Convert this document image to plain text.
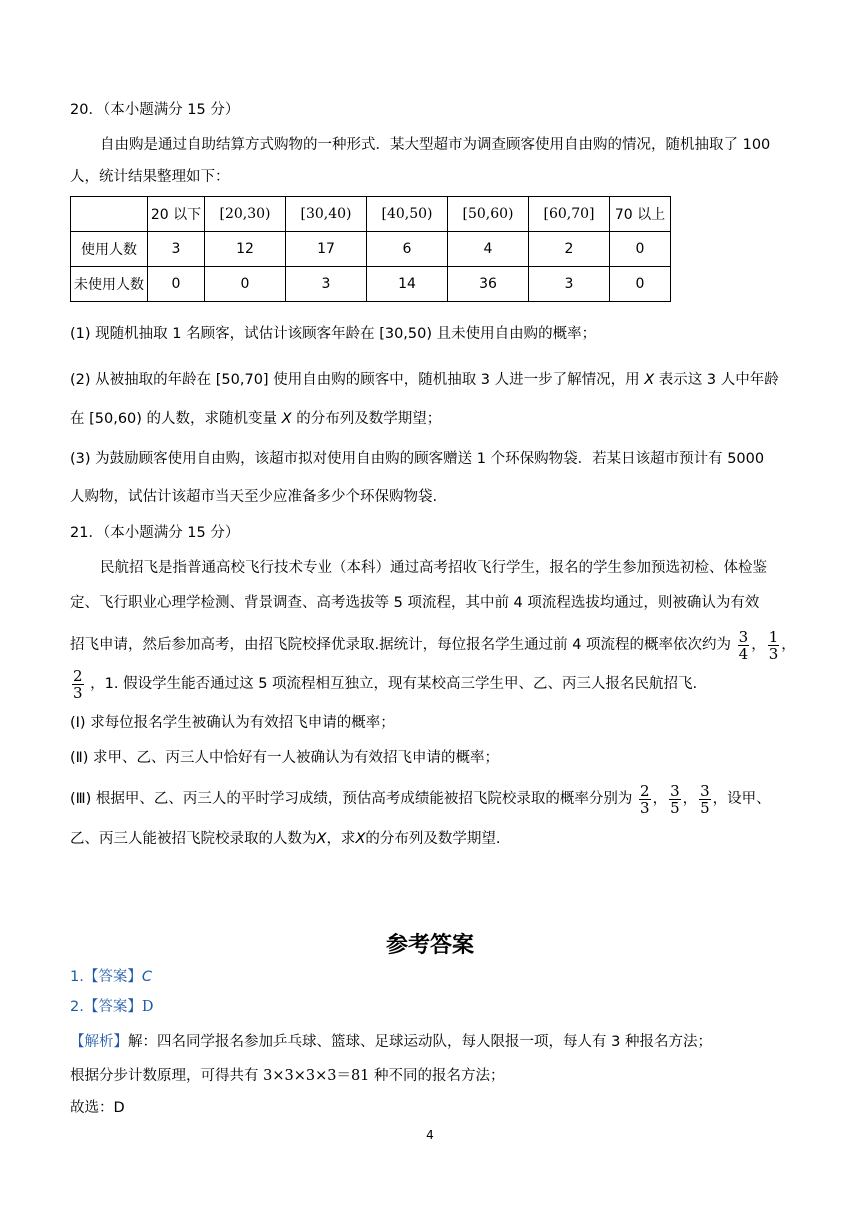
20．（本小题满分 15 分）
自由购是通过自助结算方式购物的一种形式．某大型超市为调查顾客使用自由购的情况，随机抽取了 100
人，统计结果整理如下：
	20 以下	[20,30)	[30,40)	[40,50)	[50,60)	[60,70]	70 以上
使用人数	3	12	17	6	4	2	0
未使用人数	0	0	3	14	36	3	0
(1) 现随机抽取 1 名顾客，试估计该顾客年龄在 [30,50) 且未使用自由购的概率；
(2) 从被抽取的年龄在 [50,70] 使用自由购的顾客中，随机抽取 3 人进一步了解情况，用 X 表示这 3 人中年龄
在 [50,60) 的人数，求随机变量 X 的分布列及数学期望；
(3) 为鼓励顾客使用自由购，该超市拟对使用自由购的顾客赠送 1 个环保购物袋．若某日该超市预计有 5000
人购物，试估计该超市当天至少应准备多少个环保购物袋.
21．（本小题满分 15 分）
民航招飞是指普通高校飞行技术专业（本科）通过高考招收飞行学生，报名的学生参加预选初检、体检鉴
定、飞行职业心理学检测、背景调查、高考选拔等 5 项流程，其中前 4 项流程选拔均通过，则被确认为有效
招飞申请，然后参加高考，由招飞院校择优录取.据统计，每位报名学生通过前 4 项流程的概率依次约为 $\frac{3}{4}$ ， $\frac{1}{3}$ ，
$\frac{2}{3}$ ，1. 假设学生能否通过这 5 项流程相互独立，现有某校高三学生甲、乙、丙三人报名民航招飞.
(Ⅰ) 求每位报名学生被确认为有效招飞申请的概率；
(Ⅱ) 求甲、乙、丙三人中恰好有一人被确认为有效招飞申请的概率；
(Ⅲ) 根据甲、乙、丙三人的平时学习成绩，预估高考成绩能被招飞院校录取的概率分别为 $\frac{2}{3}$ ， $\frac{3}{5}$ ， $\frac{3}{5}$ ，设甲、
乙、丙三人能被招飞院校录取的人数为X，求X的分布列及数学期望.
参考答案
1.【答案】C
2.【答案】D
【解析】解：四名同学报名参加乒乓球、篮球、足球运动队，每人限报一项，每人有 3 种报名方法；
根据分步计数原理，可得共有 3×3×3×3＝81 种不同的报名方法；
故选：D
4
